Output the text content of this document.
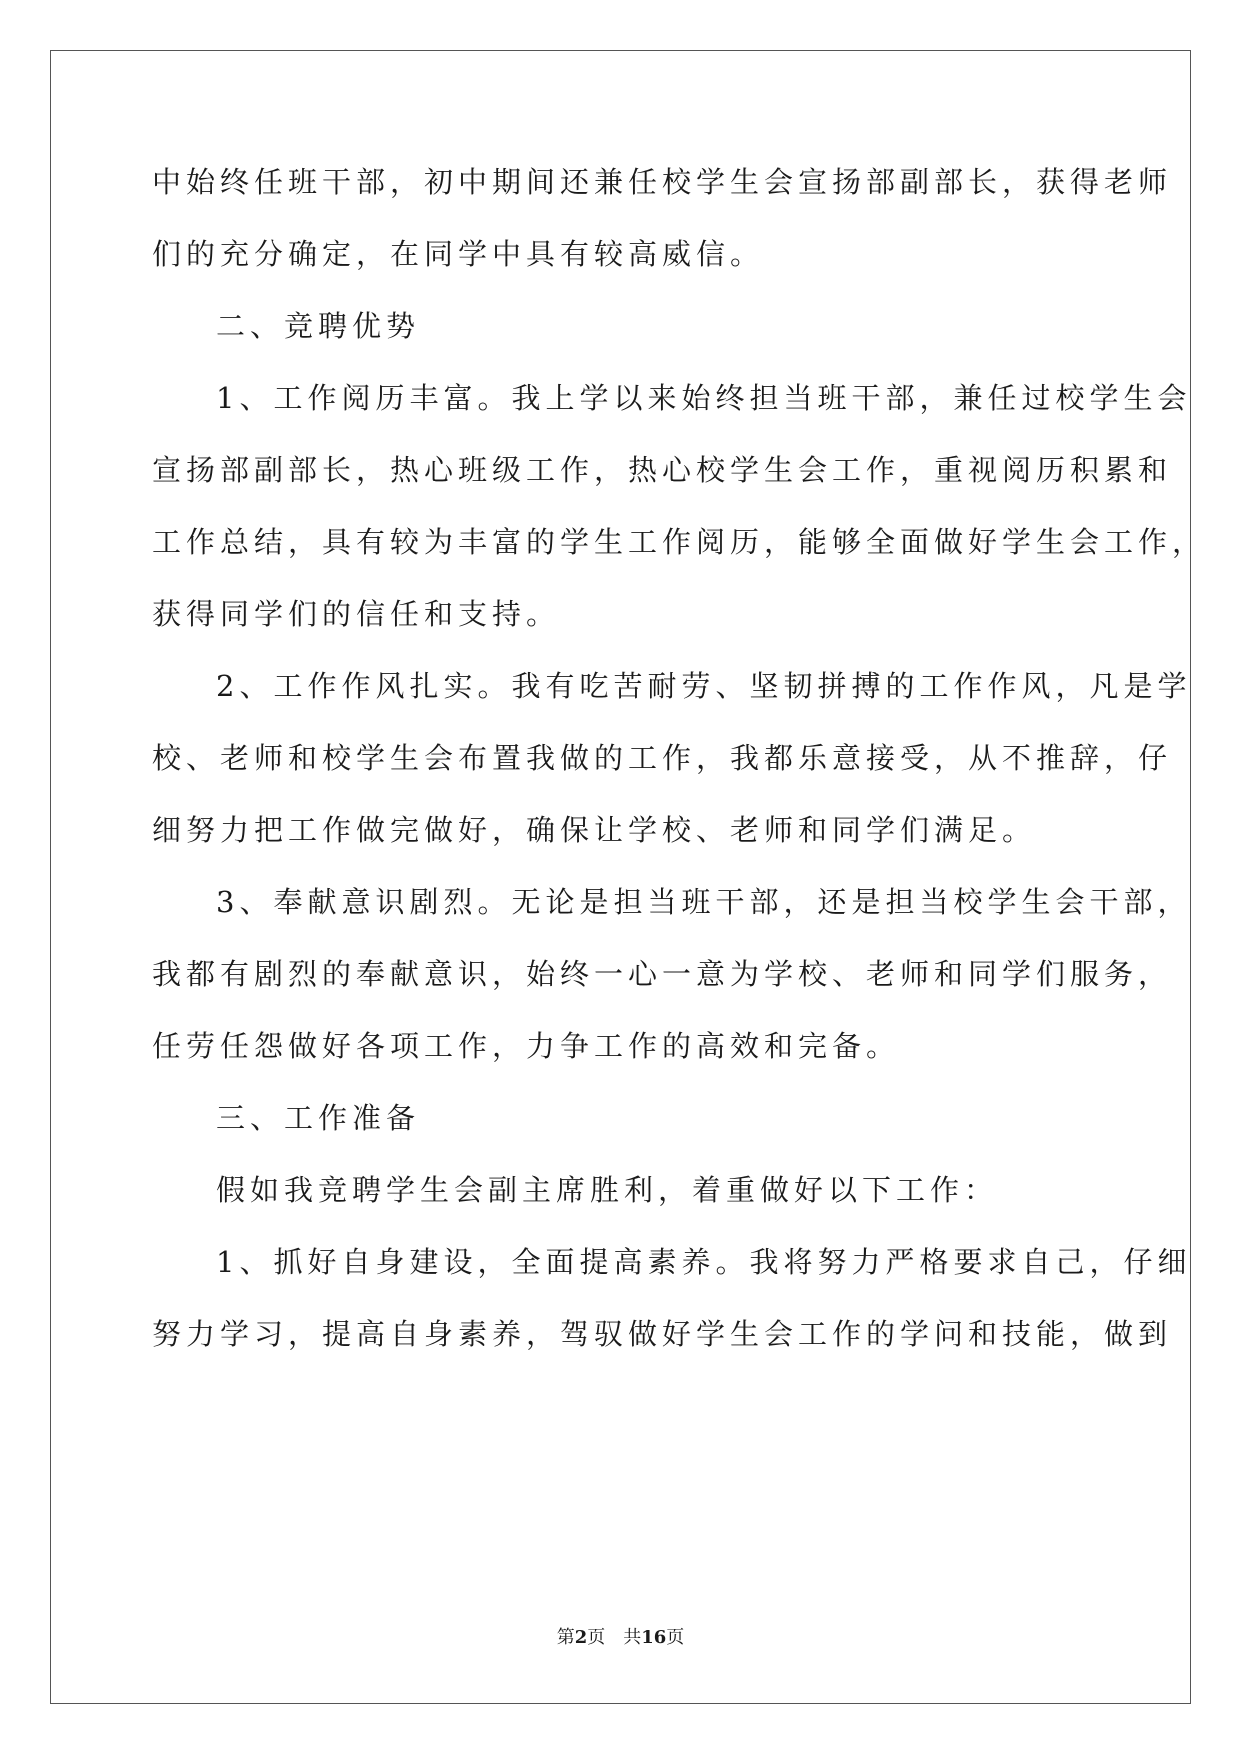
中始终任班干部，初中期间还兼任校学生会宣扬部副部长，获得老师
们的充分确定，在同学中具有较高威信。
二、竞聘优势
1、工作阅历丰富。我上学以来始终担当班干部，兼任过校学生会
宣扬部副部长，热心班级工作，热心校学生会工作，重视阅历积累和
工作总结，具有较为丰富的学生工作阅历，能够全面做好学生会工作，
获得同学们的信任和支持。
2、工作作风扎实。我有吃苦耐劳、坚韧拼搏的工作作风，凡是学
校、老师和校学生会布置我做的工作，我都乐意接受，从不推辞，仔
细努力把工作做完做好，确保让学校、老师和同学们满足。
3、奉献意识剧烈。无论是担当班干部，还是担当校学生会干部，
我都有剧烈的奉献意识，始终一心一意为学校、老师和同学们服务，
任劳任怨做好各项工作，力争工作的高效和完备。
三、工作准备
假如我竞聘学生会副主席胜利，着重做好以下工作：
1、抓好自身建设，全面提高素养。我将努力严格要求自己，仔细
努力学习，提高自身素养，驾驭做好学生会工作的学问和技能，做到
第2页 共16页
